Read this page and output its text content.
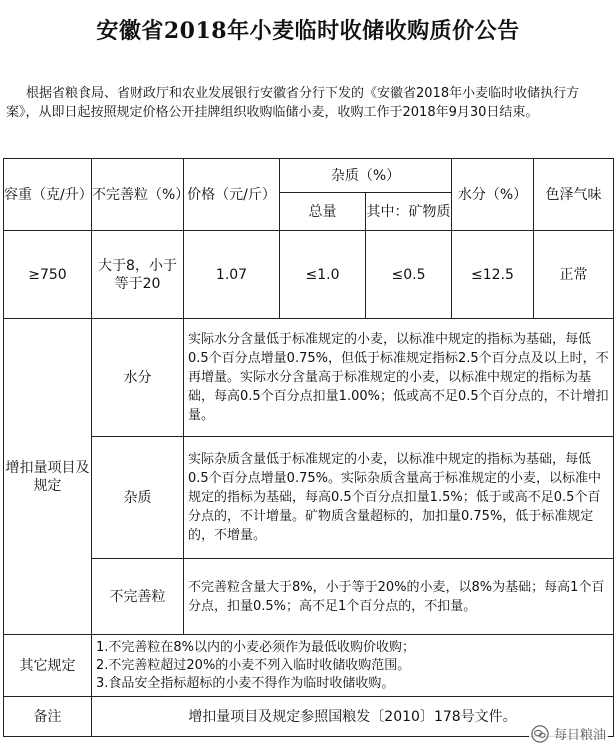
安徽省2018年小麦临时收储收购质价公告
根据省粮食局、省财政厅和农业发展银行安徽省分行下发的《安徽省2018年小麦临时收储执行方案》，从即日起按照规定价格公开挂牌组织收购临储小麦，收购工作于2018年9月30日结束。
容重（克/升）	不完善粒（%）	价格（元/斤）	杂质（%）		水分（%）	色泽气味
			总量	其中：矿物质		
≥750	大于8，小于等于20	1.07	≤1.0	≤0.5	≤12.5	正常
增扣量项目及规定	水分	实际水分含量低于标准规定的小麦，以标准中规定的指标为基础，每低0.5个百分点增量0.75%，但低于标准规定指标2.5个百分点及以上时，不再增量。实际水分含量高于标准规定的小麦，以标准中规定的指标为基础，每高0.5个百分点扣量1.00%；低或高不足0.5个百分点的，不计增扣量。				
	杂质	实际杂质含量低于标准规定的小麦，以标准中规定的指标为基础，每低0.5个百分点增量0.75%。实际杂质含量高于标准规定的小麦，以标准中规定的指标为基础，每高0.5个百分点扣量1.5%；低于或高不足0.5个百分点的，不计增量。矿物质含量超标的，加扣量0.75%，低于标准规定的，不增量。				
	不完善粒	不完善粒含量大于8%，小于等于20%的小麦，以8%为基础；每高1个百分点，扣量0.5%；高不足1个百分点的，不扣量。				
其它规定	1.不完善粒在8%以内的小麦必须作为最低收购价收购；
2.不完善粒超过20%的小麦不列入临时收储收购范围。
3.食品安全指标超标的小麦不得作为临时收储收购。					

备注	增扣量项目及规定参照国粮发〔2010〕178号文件。					
每日粮油
